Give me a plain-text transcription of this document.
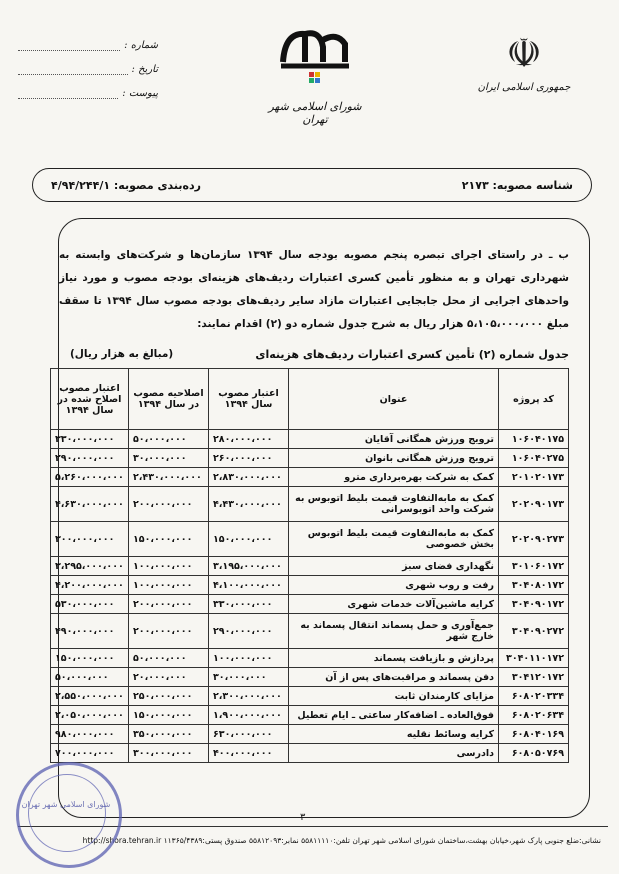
☫
جمهوری اسلامی ایران
شورای اسلامی شهر تهران
شماره :
تاریخ :
پیوست :
شناسه مصوبه: ۲۱۷۳
رده‌بندی مصوبه: ۴/۹۴/۲۴۴/۱
ب ـ در راستای اجرای تبصره پنجم مصوبه بودجه سال ۱۳۹۴ سازمان‌ها و شرکت‌های وابسته به شهرداری تهران و به منظور تأمین کسری اعتبارات ردیف‌های هزینه‌ای بودجه مصوب و مورد نیاز واحدهای اجرایی از محل جابجایی اعتبارات مازاد سایر ردیف‌های بودجه مصوب سال ۱۳۹۴ تا سقف مبلغ ۵،۱۰۵،۰۰۰،۰۰۰ هزار ریال به شرح جدول شماره دو (۲) اقدام نمایند:
جدول شماره (۲) تأمین کسری اعتبارات ردیف‌های هزینه‌ای
(مبالغ به هزار ریال)
کد پروژه	عنوان	اعتبار مصوب سال ۱۳۹۴	اصلاحیه مصوب در سال ۱۳۹۴	اعتبار مصوب اصلاح شده در سال ۱۳۹۴
۱۰۶۰۴۰۱۷۵	ترویج ورزش همگانی آقایان	۲۸۰،۰۰۰،۰۰۰	۵۰،۰۰۰،۰۰۰	۳۳۰،۰۰۰،۰۰۰
۱۰۶۰۴۰۲۷۵	ترویج ورزش همگانی بانوان	۲۶۰،۰۰۰،۰۰۰	۳۰،۰۰۰،۰۰۰	۲۹۰،۰۰۰،۰۰۰
۲۰۱۰۲۰۱۷۳	کمک به شرکت بهره‌برداری مترو	۲،۸۳۰،۰۰۰،۰۰۰	۲،۴۳۰،۰۰۰،۰۰۰	۵،۲۶۰،۰۰۰،۰۰۰
۲۰۲۰۹۰۱۷۳	کمک به مابه‌التفاوت قیمت بلیط اتوبوس به شرکت واحد اتوبوسرانی	۴،۴۳۰،۰۰۰،۰۰۰	۲۰۰،۰۰۰،۰۰۰	۴،۶۳۰،۰۰۰،۰۰۰
۲۰۲۰۹۰۲۷۳	کمک به مابه‌التفاوت قیمت بلیط اتوبوس بخش خصوصی	۱۵۰،۰۰۰،۰۰۰	۱۵۰،۰۰۰،۰۰۰	۳۰۰،۰۰۰،۰۰۰
۳۰۱۰۶۰۱۷۲	نگهداری فضای سبز	۳،۱۹۵،۰۰۰،۰۰۰	۱۰۰،۰۰۰،۰۰۰	۳،۲۹۵،۰۰۰،۰۰۰
۳۰۴۰۸۰۱۷۲	رفت و روب شهری	۴،۱۰۰،۰۰۰،۰۰۰	۱۰۰،۰۰۰،۰۰۰	۴،۲۰۰،۰۰۰،۰۰۰
۳۰۴۰۹۰۱۷۲	کرایه ماشین‌آلات خدمات شهری	۳۳۰،۰۰۰،۰۰۰	۲۰۰،۰۰۰،۰۰۰	۵۳۰،۰۰۰،۰۰۰
۳۰۴۰۹۰۲۷۲	جمع‌آوری و حمل پسماند انتقال پسماند به خارج شهر	۲۹۰،۰۰۰،۰۰۰	۲۰۰،۰۰۰،۰۰۰	۴۹۰،۰۰۰،۰۰۰
۳۰۴۰۱۱۰۱۷۲	پردازش و بازیافت پسماند	۱۰۰،۰۰۰،۰۰۰	۵۰،۰۰۰،۰۰۰	۱۵۰،۰۰۰،۰۰۰
۳۰۴۱۲۰۱۷۲	دفن پسماند و مراقبت‌های پس از آن	۳۰،۰۰۰،۰۰۰	۲۰،۰۰۰،۰۰۰	۵۰،۰۰۰،۰۰۰
۶۰۸۰۲۰۳۳۴	مزایای کارمندان ثابت	۲،۳۰۰،۰۰۰،۰۰۰	۲۵۰،۰۰۰،۰۰۰	۲،۵۵۰،۰۰۰،۰۰۰
۶۰۸۰۲۰۶۳۴	فوق‌العاده ـ اضافه‌کار ساعتی ـ ایام تعطیل	۱،۹۰۰،۰۰۰،۰۰۰	۱۵۰،۰۰۰،۰۰۰	۲،۰۵۰،۰۰۰،۰۰۰
۶۰۸۰۴۰۱۶۹	کرایه وسائط نقلیه	۶۳۰،۰۰۰،۰۰۰	۳۵۰،۰۰۰،۰۰۰	۹۸۰،۰۰۰،۰۰۰
۶۰۸۰۵۰۷۶۹	دادرسی	۴۰۰،۰۰۰،۰۰۰	۳۰۰،۰۰۰،۰۰۰	۷۰۰،۰۰۰،۰۰۰
۳
نشانی:ضلع جنوبی پارک شهر،خیابان بهشت،ساختمان شورای اسلامی شهر تهران تلفن:۵۵۸۱۱۱۱۰ نمابر:۵۵۸۱۲۰۹۳ صندوق پستی:۱۱۳۶۵/۴۳۸۹ http://shora.tehran.ir
شورای اسلامی شهر تهران
